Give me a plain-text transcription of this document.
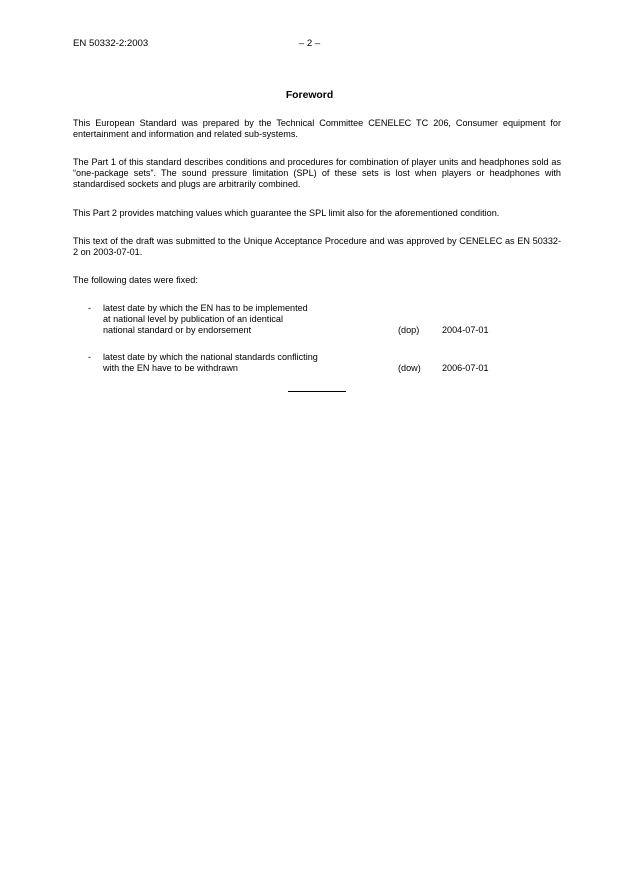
EN 50332-2:2003	– 2 –
Foreword
This European Standard was prepared by the Technical Committee CENELEC TC 206, Consumer equipment for entertainment and information and related sub-systems.
The Part 1 of this standard describes conditions and procedures for combination of player units and headphones sold as “one-package sets”. The sound pressure limitation (SPL) of these sets is lost when players or headphones with standardised sockets and plugs are arbitrarily combined.
This Part 2 provides matching values which guarantee the SPL limit also for the aforementioned condition.
This text of the draft was submitted to the Unique Acceptance Procedure and was approved by CENELEC as EN 50332-2 on 2003-07-01.
The following dates were fixed:
- latest date by which the EN has to be implemented
at national level by publication of an identical
national standard or by endorsement	(dop)	2004-07-01
- latest date by which the national standards conflicting
with the EN have to be withdrawn	(dow)	2006-07-01
